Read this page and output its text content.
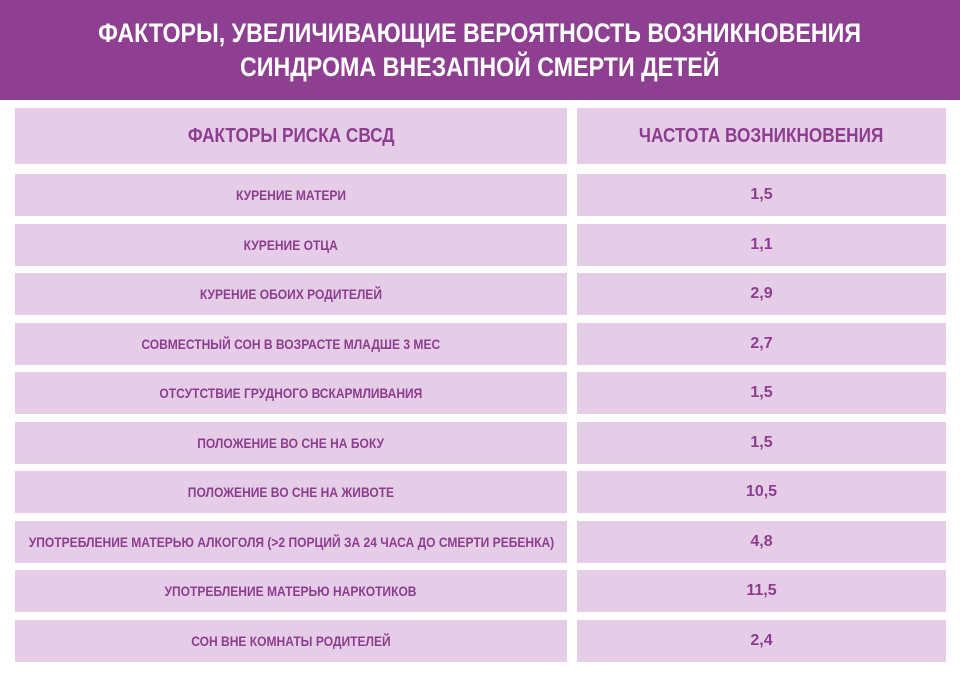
ФАКТОРЫ, УВЕЛИЧИВАЮЩИЕ ВЕРОЯТНОСТЬ ВОЗНИКНОВЕНИЯ
СИНДРОМА ВНЕЗАПНОЙ СМЕРТИ ДЕТЕЙ
ФАКТОРЫ РИСКА СВСД	ЧАСТОТА ВОЗНИКНОВЕНИЯ
КУРЕНИЕ МАТЕРИ	1,5
КУРЕНИЕ ОТЦА	1,1
КУРЕНИЕ ОБОИХ РОДИТЕЛЕЙ	2,9
СОВМЕСТНЫЙ СОН В ВОЗРАСТЕ МЛАДШЕ 3 МЕС	2,7
ОТСУТСТВИЕ ГРУДНОГО ВСКАРМЛИВАНИЯ	1,5
ПОЛОЖЕНИЕ ВО СНЕ НА БОКУ	1,5
ПОЛОЖЕНИЕ ВО СНЕ НА ЖИВОТЕ	10,5
УПОТРЕБЛЕНИЕ МАТЕРЬЮ АЛКОГОЛЯ (>2 ПОРЦИЙ ЗА 24 ЧАСА ДО СМЕРТИ РЕБЕНКА)	4,8
УПОТРЕБЛЕНИЕ МАТЕРЬЮ НАРКОТИКОВ	11,5
СОН ВНЕ КОМНАТЫ РОДИТЕЛЕЙ	2,4
